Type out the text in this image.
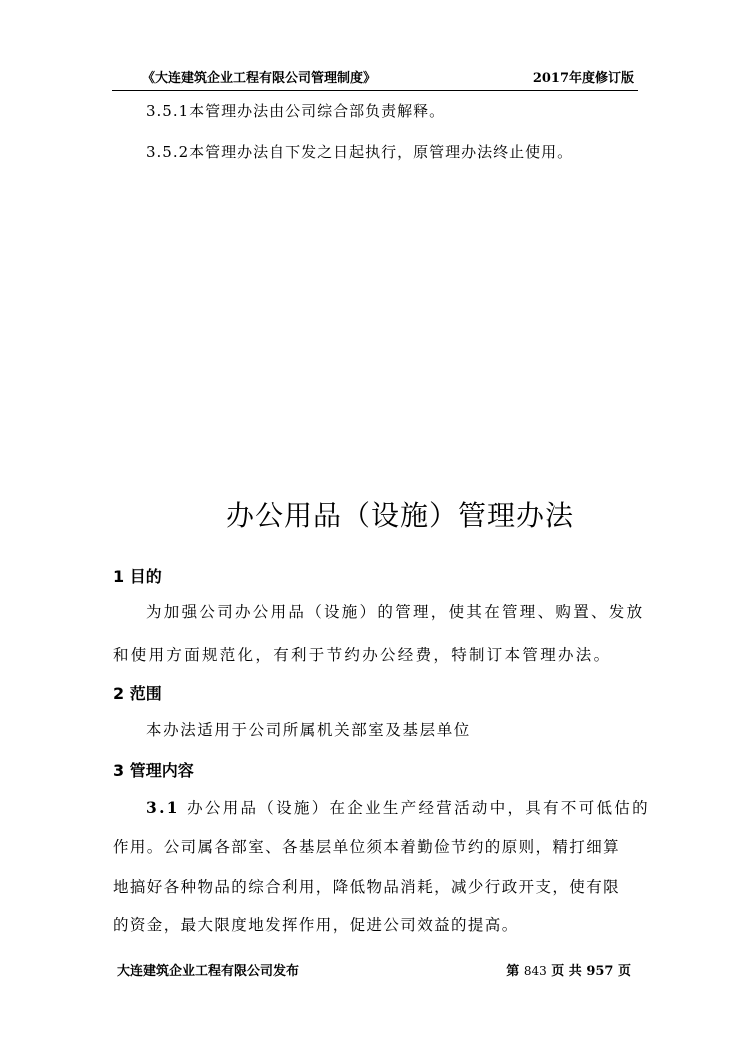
《大连建筑企业工程有限公司管理制度》	2017年度修订版
3.5.1本管理办法由公司综合部负责解释。
3.5.2本管理办法自下发之日起执行，原管理办法终止使用。
办公用品（设施）管理办法
1 目的
为加强公司办公用品（设施）的管理，使其在管理、购置、发放
和使用方面规范化，有利于节约办公经费，特制订本管理办法。
2 范围
本办法适用于公司所属机关部室及基层单位
3 管理内容
3.1 办公用品（设施）在企业生产经营活动中，具有不可低估的
作用。公司属各部室、各基层单位须本着勤俭节约的原则，精打细算
地搞好各种物品的综合利用，降低物品消耗，减少行政开支，使有限
的资金，最大限度地发挥作用，促进公司效益的提高。
大连建筑企业工程有限公司发布	第 843 页 共 957 页
